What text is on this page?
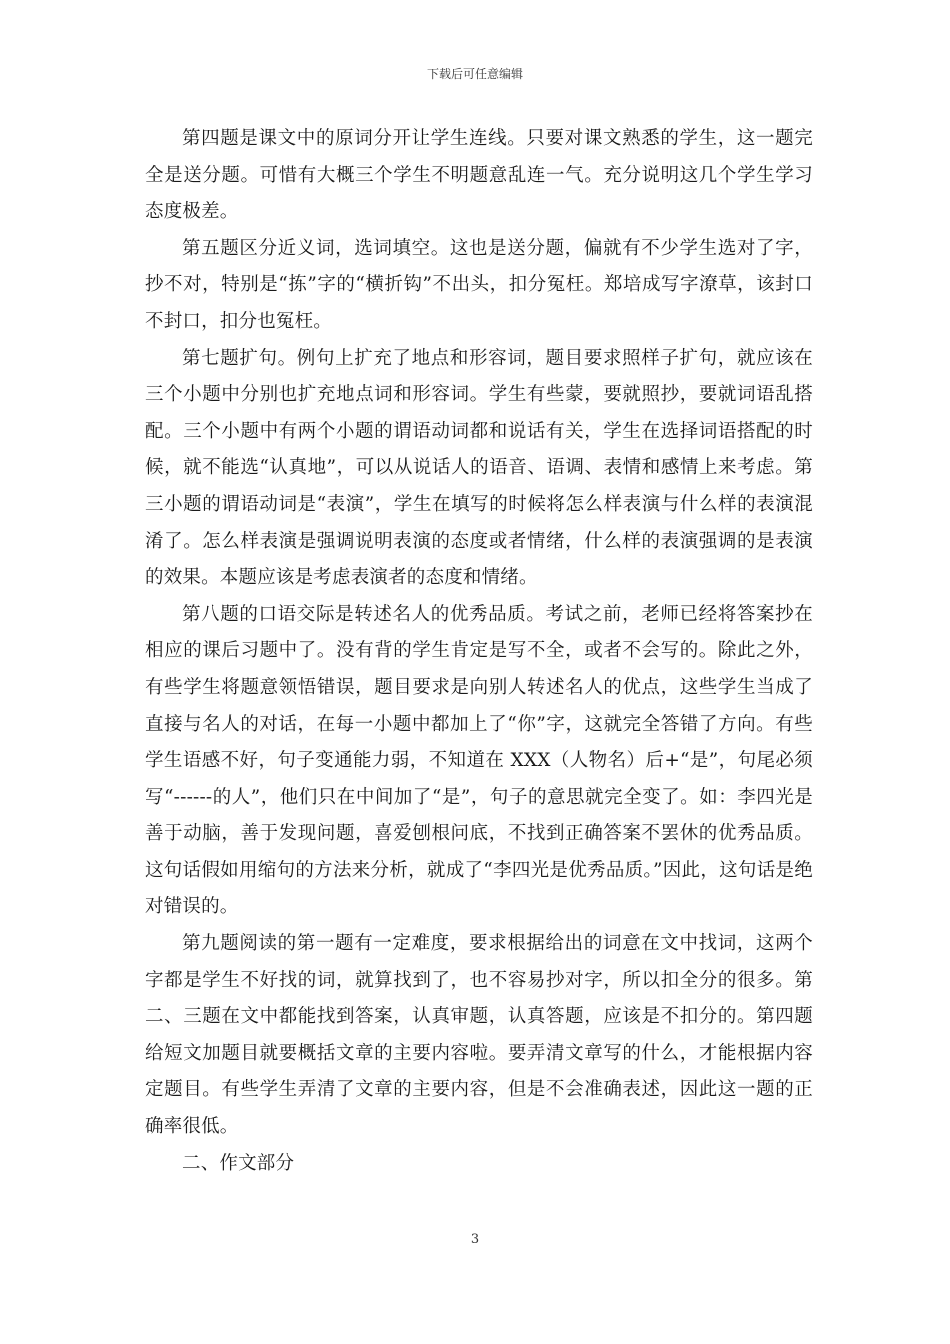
下载后可任意编辑

第四题是课文中的原词分开让学生连线。只要对课文熟悉的学生，这一题完全是送分题。可惜有大概三个学生不明题意乱连一气。充分说明这几个学生学习态度极差。

第五题区分近义词，选词填空。这也是送分题，偏就有不少学生选对了字，抄不对，特别是“拣”字的“横折钩”不出头，扣分冤枉。郑培成写字潦草，该封口不封口，扣分也冤枉。

第七题扩句。例句上扩充了地点和形容词，题目要求照样子扩句，就应该在三个小题中分别也扩充地点词和形容词。学生有些蒙，要就照抄，要就词语乱搭配。三个小题中有两个小题的谓语动词都和说话有关，学生在选择词语搭配的时候，就不能选“认真地”，可以从说话人的语音、语调、表情和感情上来考虑。第三小题的谓语动词是“表演”，学生在填写的时候将怎么样表演与什么样的表演混淆了。怎么样表演是强调说明表演的态度或者情绪，什么样的表演强调的是表演的效果。本题应该是考虑表演者的态度和情绪。

第八题的口语交际是转述名人的优秀品质。考试之前，老师已经将答案抄在相应的课后习题中了。没有背的学生肯定是写不全，或者不会写的。除此之外，有些学生将题意领悟错误，题目要求是向别人转述名人的优点，这些学生当成了直接与名人的对话，在每一小题中都加上了“你”字，这就完全答错了方向。有些学生语感不好，句子变通能力弱，不知道在 XXX（人物名）后+“是”，句尾必须写“------的人”，他们只在中间加了“是”，句子的意思就完全变了。如：李四光是善于动脑，善于发现问题，喜爱刨根问底，不找到正确答案不罢休的优秀品质。这句话假如用缩句的方法来分析，就成了“李四光是优秀品质。”因此，这句话是绝对错误的。

第九题阅读的第一题有一定难度，要求根据给出的词意在文中找词，这两个字都是学生不好找的词，就算找到了，也不容易抄对字，所以扣全分的很多。第二、三题在文中都能找到答案，认真审题，认真答题，应该是不扣分的。第四题给短文加题目就要概括文章的主要内容啦。要弄清文章写的什么，才能根据内容定题目。有些学生弄清了文章的主要内容，但是不会准确表述，因此这一题的正确率很低。

二、作文部分

3
